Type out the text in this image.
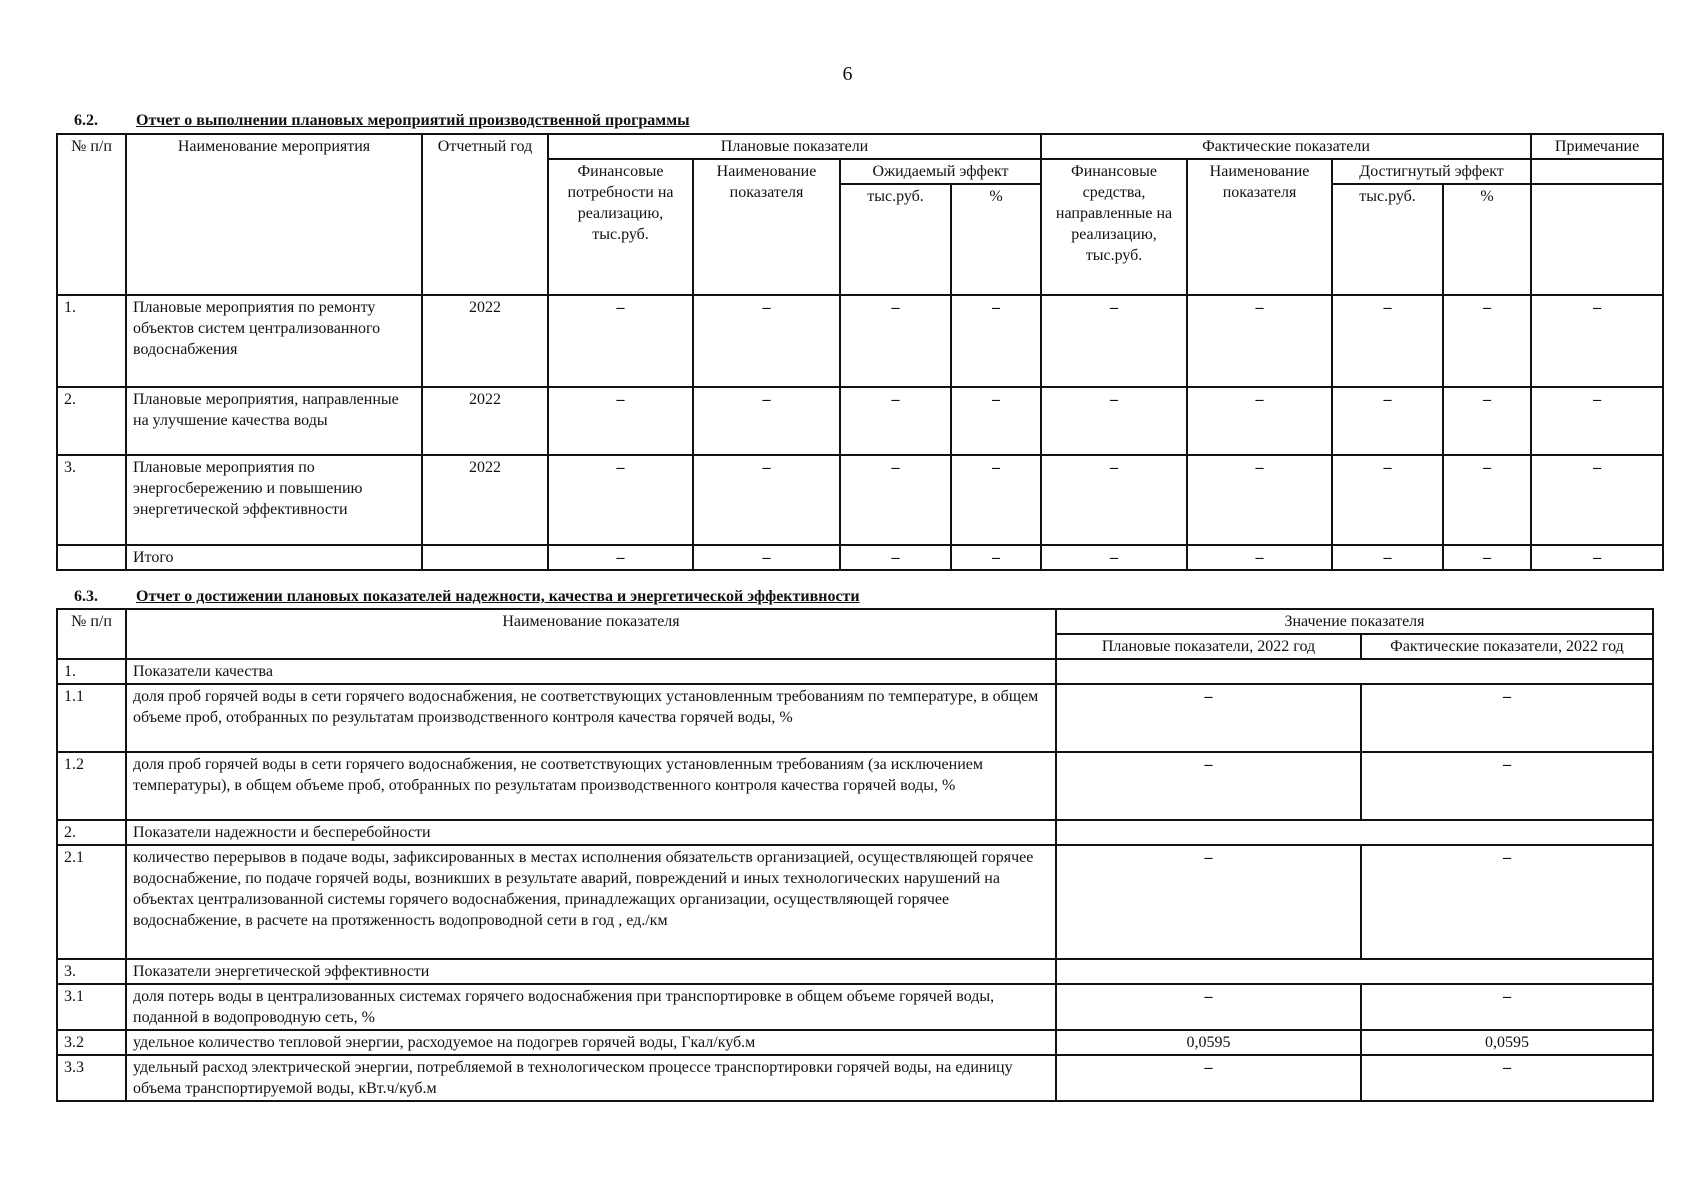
6
6.2. Отчет о выполнении плановых мероприятий производственной программы
№ п/п	Наименование мероприятия	Отчетный год	Плановые показатели				Фактические показатели				Примечание
			Финансовые потребности на реализацию, тыс.руб.	Наименование показателя	Ожидаемый эффект		Финансовые средства, направленные на реализацию, тыс.руб.	Наименование показателя	Достигнутый эффект		
					тыс.руб.	%			тыс.руб.	%	
1.	Плановые мероприятия по ремонту объектов систем централизованного водоснабжения	2022	–	–	–	–	–	–	–	–	–
2.	Плановые мероприятия, направленные на улучшение качества воды	2022	–	–	–	–	–	–	–	–	–
3.	Плановые мероприятия по энергосбережению и повышению энергетической эффективности	2022	–	–	–	–	–	–	–	–	–
	Итого		–	–	–	–	–	–	–	–	–
6.3. Отчет о достижении плановых показателей надежности, качества и энергетической эффективности
№ п/п	Наименование показателя	Значение показателя	
		Плановые показатели, 2022 год	Фактические показатели, 2022 год
1.	Показатели качества		
1.1	доля проб горячей воды в сети горячего водоснабжения, не соответствующих установленным требованиям по температуре, в общем объеме проб, отобранных по результатам производственного контроля качества горячей воды, %	–	–
1.2	доля проб горячей воды в сети горячего водоснабжения, не соответствующих установленным требованиям (за исключением температуры), в общем объеме проб, отобранных по результатам производственного контроля качества горячей воды, %	–	–
2.	Показатели надежности и бесперебойности		
2.1	количество перерывов в подаче воды, зафиксированных в местах исполнения обязательств организацией, осуществляющей горячее водоснабжение, по подаче горячей воды, возникших в результате аварий, повреждений и иных технологических нарушений на объектах централизованной системы горячего водоснабжения, принадлежащих организации, осуществляющей горячее водоснабжение, в расчете на протяженность водопроводной сети в год , ед./км	–	–
3.	Показатели энергетической эффективности		
3.1	доля потерь воды в централизованных системах горячего водоснабжения при транспортировке в общем объеме горячей воды, поданной в водопроводную сеть, %	–	–
3.2	удельное количество тепловой энергии, расходуемое на подогрев горячей воды, Гкал/куб.м	0,0595	0,0595
3.3	удельный расход электрической энергии, потребляемой в технологическом процессе транспортировки горячей воды, на единицу объема транспортируемой воды, кВт.ч/куб.м	–	–
